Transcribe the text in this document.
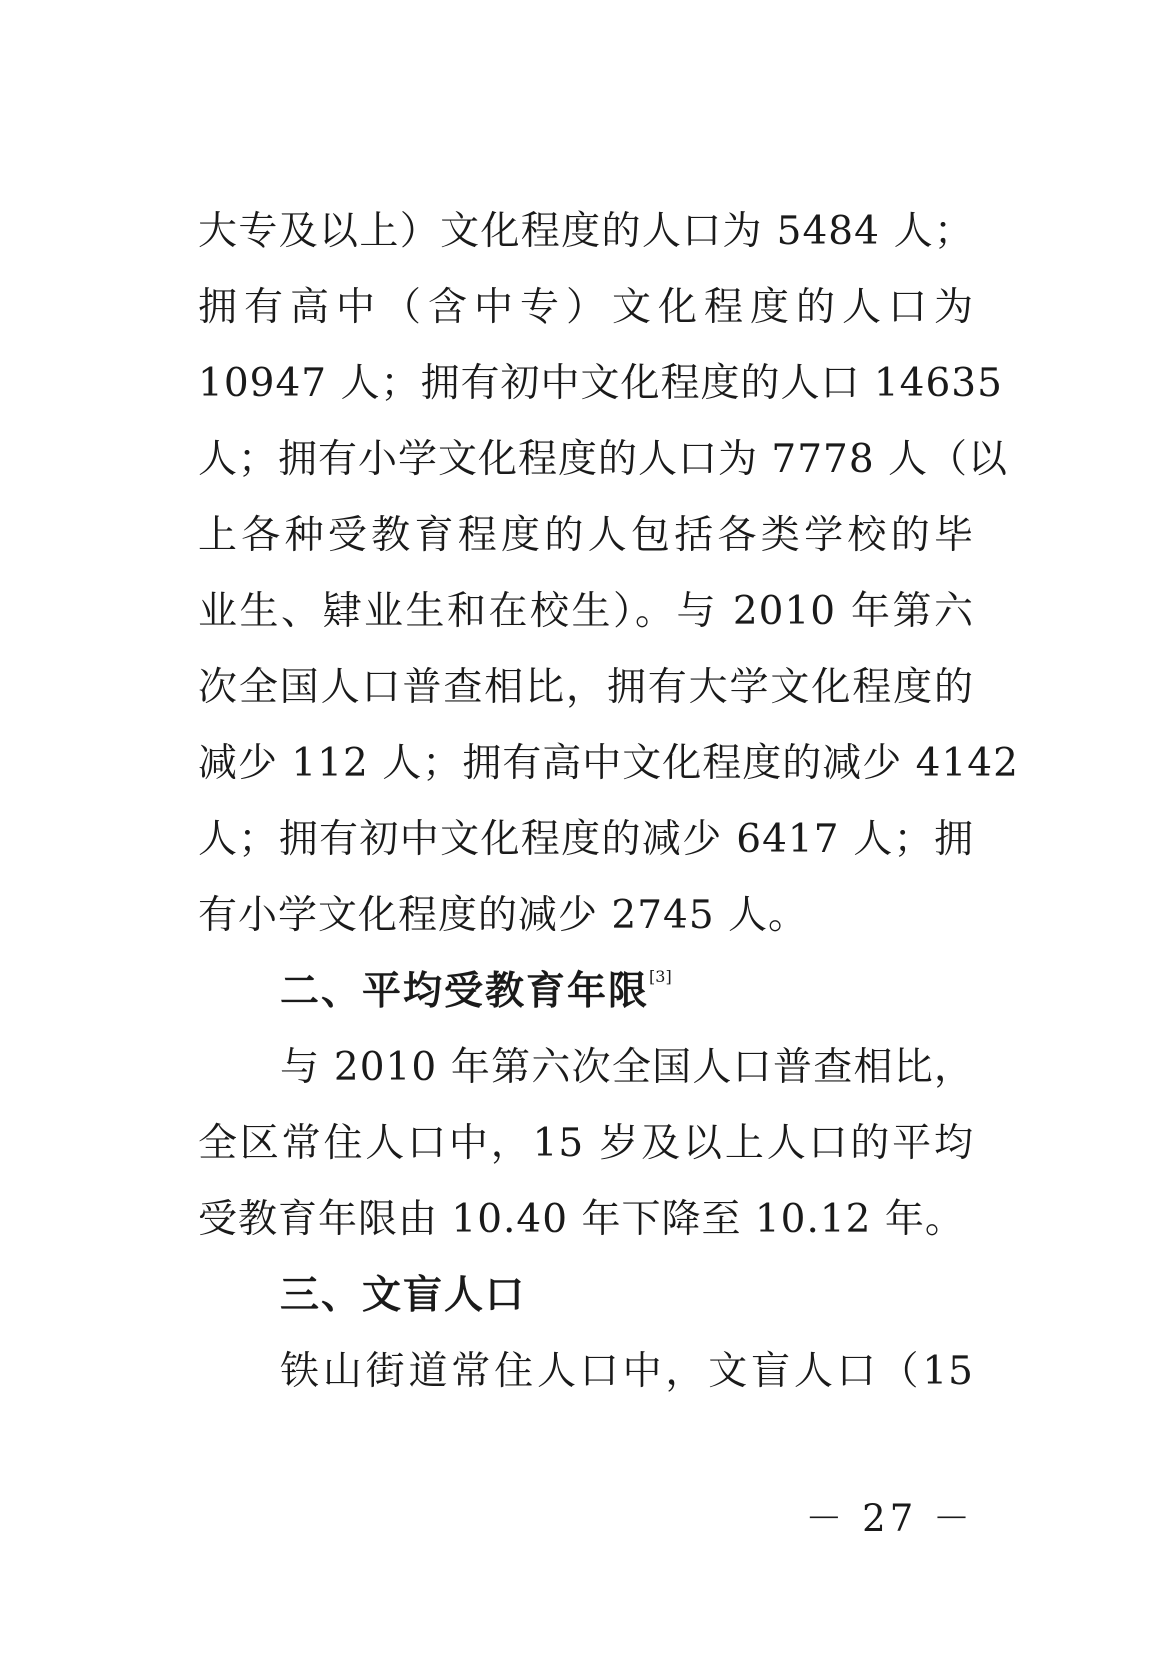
大专及以上）文化程度的人口为 5484 人；
拥有高中（含中专）文化程度的人口为
10947 人；拥有初中文化程度的人口 14635
人；拥有小学文化程度的人口为 7778 人（以
上各种受教育程度的人包括各类学校的毕
业生、肄业生和在校生）。与 2010 年第六
次全国人口普查相比，拥有大学文化程度的
减少 112 人；拥有高中文化程度的减少 4142
人；拥有初中文化程度的减少 6417 人；拥
有小学文化程度的减少 2745 人。
二、平均受教育年限[3]
与 2010 年第六次全国人口普查相比，
全区常住人口中，15 岁及以上人口的平均
受教育年限由 10.40 年下降至 10.12 年。
三、文盲人口
铁山街道常住人口中，文盲人口（15
－ 27 －
